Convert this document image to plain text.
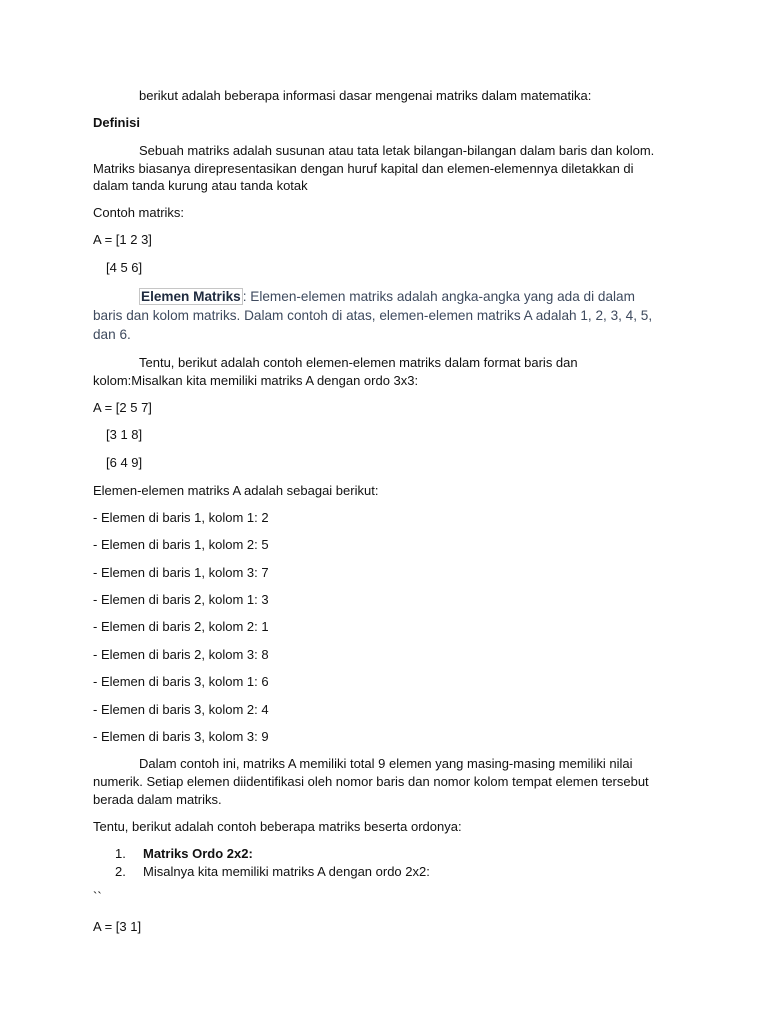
berikut adalah beberapa informasi dasar mengenai matriks dalam matematika:
Definisi
Sebuah matriks adalah susunan atau tata letak bilangan-bilangan dalam baris dan kolom.
Matriks biasanya direpresentasikan dengan huruf kapital dan elemen-elemennya diletakkan di
dalam tanda kurung atau tanda kotak
Contoh matriks:
A = [1 2 3]
[4 5 6]
Elemen Matriks : Elemen-elemen matriks adalah angka-angka yang ada di dalam
baris dan kolom matriks. Dalam contoh di atas, elemen-elemen matriks A adalah 1, 2, 3, 4, 5,
dan 6.
Tentu, berikut adalah contoh elemen-elemen matriks dalam format baris dan
kolom:Misalkan kita memiliki matriks A dengan ordo 3x3:
A = [2 5 7]
[3 1 8]
[6 4 9]
Elemen-elemen matriks A adalah sebagai berikut:
- Elemen di baris 1, kolom 1: 2
- Elemen di baris 1, kolom 2: 5
- Elemen di baris 1, kolom 3: 7
- Elemen di baris 2, kolom 1: 3
- Elemen di baris 2, kolom 2: 1
- Elemen di baris 2, kolom 3: 8
- Elemen di baris 3, kolom 1: 6
- Elemen di baris 3, kolom 2: 4
- Elemen di baris 3, kolom 3: 9
Dalam contoh ini, matriks A memiliki total 9 elemen yang masing-masing memiliki nilai
numerik. Setiap elemen diidentifikasi oleh nomor baris dan nomor kolom tempat elemen tersebut
berada dalam matriks.
Tentu, berikut adalah contoh beberapa matriks beserta ordonya:
1. Matriks Ordo 2x2:
2. Misalnya kita memiliki matriks A dengan ordo 2x2:
``
A = [3 1]
